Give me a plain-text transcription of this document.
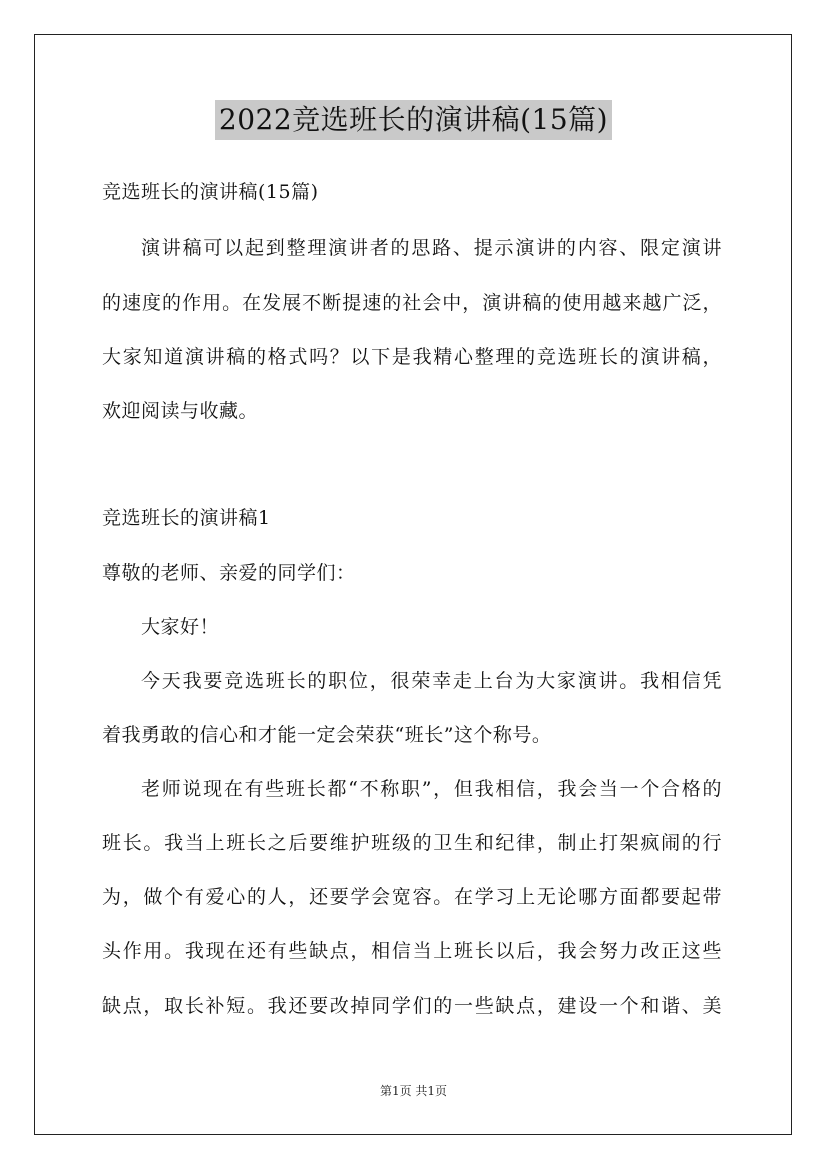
2022竞选班长的演讲稿(15篇)
竞选班长的演讲稿(15篇)
演讲稿可以起到整理演讲者的思路、提示演讲的内容、限定演讲
的速度的作用。在发展不断提速的社会中，演讲稿的使用越来越广泛，
大家知道演讲稿的格式吗？以下是我精心整理的竞选班长的演讲稿，
欢迎阅读与收藏。
竞选班长的演讲稿1
尊敬的老师、亲爱的同学们：
大家好！
今天我要竞选班长的职位，很荣幸走上台为大家演讲。我相信凭
着我勇敢的信心和才能一定会荣获“班长”这个称号。
老师说现在有些班长都“不称职”，但我相信，我会当一个合格的
班长。我当上班长之后要维护班级的卫生和纪律，制止打架疯闹的行
为，做个有爱心的人，还要学会宽容。在学习上无论哪方面都要起带
头作用。我现在还有些缺点，相信当上班长以后，我会努力改正这些
缺点，取长补短。我还要改掉同学们的一些缺点，建设一个和谐、美
第1页 共1页
